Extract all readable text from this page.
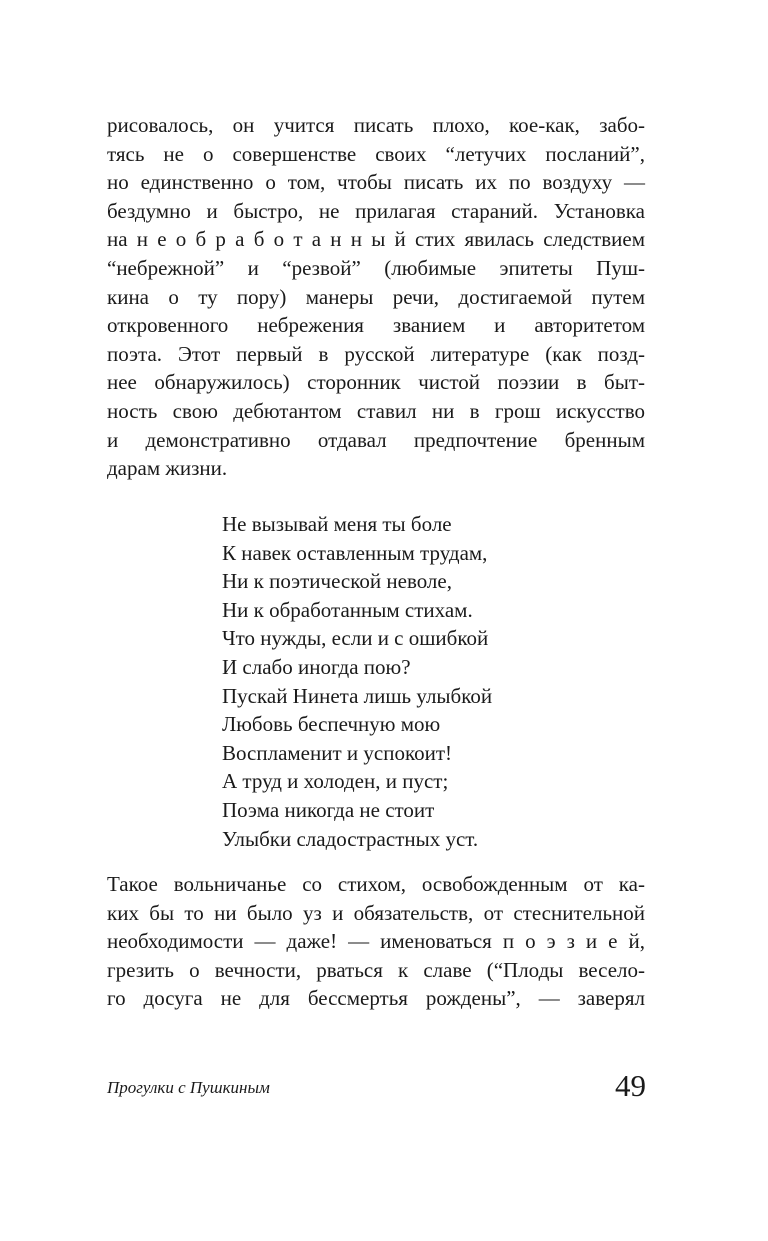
рисовалось, он учится писать плохо, кое-как, забо-
тясь не о совершенстве своих “летучих посланий”,
но единственно о том, чтобы писать их по воздуху —
бездумно и быстро, не прилагая стараний. Установка
на н е о б р а б о т а н н ы й стих явилась следствием
“небрежной” и “резвой” (любимые эпитеты Пуш-
кина о ту пору) манеры речи, достигаемой путем
откровенного небрежения званием и авторитетом
поэта. Этот первый в русской литературе (как позд-
нее обнаружилось) сторонник чистой поэзии в быт-
ность свою дебютантом ставил ни в грош искусство
и демонстративно отдавал предпочтение бренным
дарам жизни.
Не вызывай меня ты боле
К навек оставленным трудам,
Ни к поэтической неволе,
Ни к обработанным стихам.
Что нужды, если и с ошибкой
И слабо иногда пою?
Пускай Нинета лишь улыбкой
Любовь беспечную мою
Воспламенит и успокоит!
А труд и холоден, и пуст;
Поэма никогда не стоит
Улыбки сладострастных уст.
Такое вольничанье со стихом, освобожденным от ка-
ких бы то ни было уз и обязательств, от стеснительной
необходимости — даже! — именоваться п о э з и е й,
грезить о вечности, рваться к славе (“Плоды весело-
го досуга не для бессмертья рождены”, — заверял
Прогулки с Пушкиным	49
